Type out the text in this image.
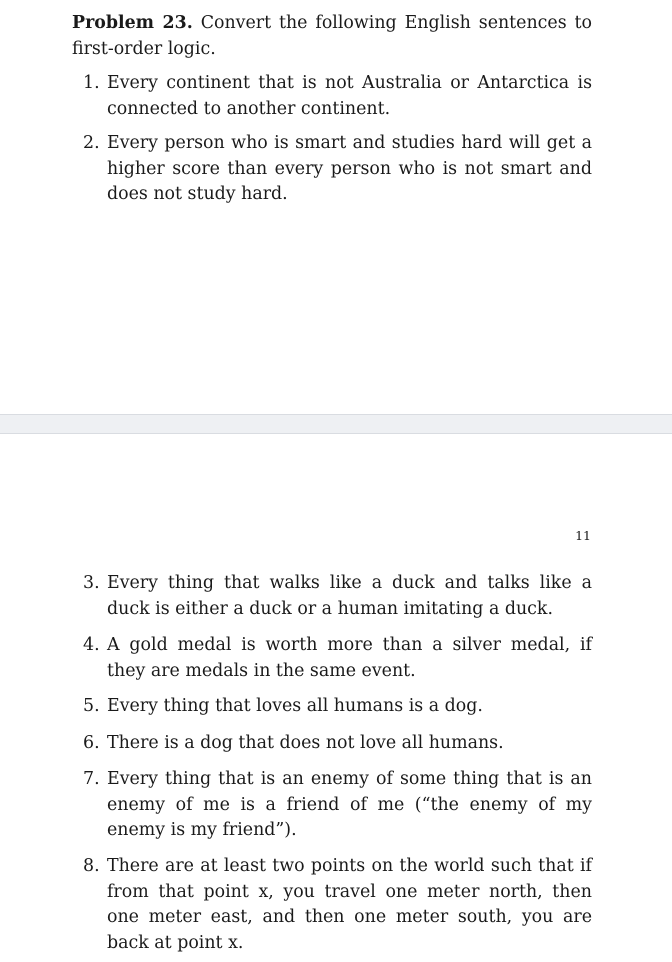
Problem 23. Convert the following English sentences to first-order logic.
1. Every continent that is not Australia or Antarctica is connected to another continent.
2. Every person who is smart and studies hard will get a higher score than every person who is not smart and does not study hard.
11
3. Every thing that walks like a duck and talks like a duck is either a duck or a human imitating a duck.
4. A gold medal is worth more than a silver medal, if they are medals in the same event.
5. Every thing that loves all humans is a dog.
6. There is a dog that does not love all humans.
7. Every thing that is an enemy of some thing that is an enemy of me is a friend of me (“the enemy of my enemy is my friend”).
8. There are at least two points on the world such that if from that point x, you travel one meter north, then one meter east, and then one meter south, you are back at point x.
